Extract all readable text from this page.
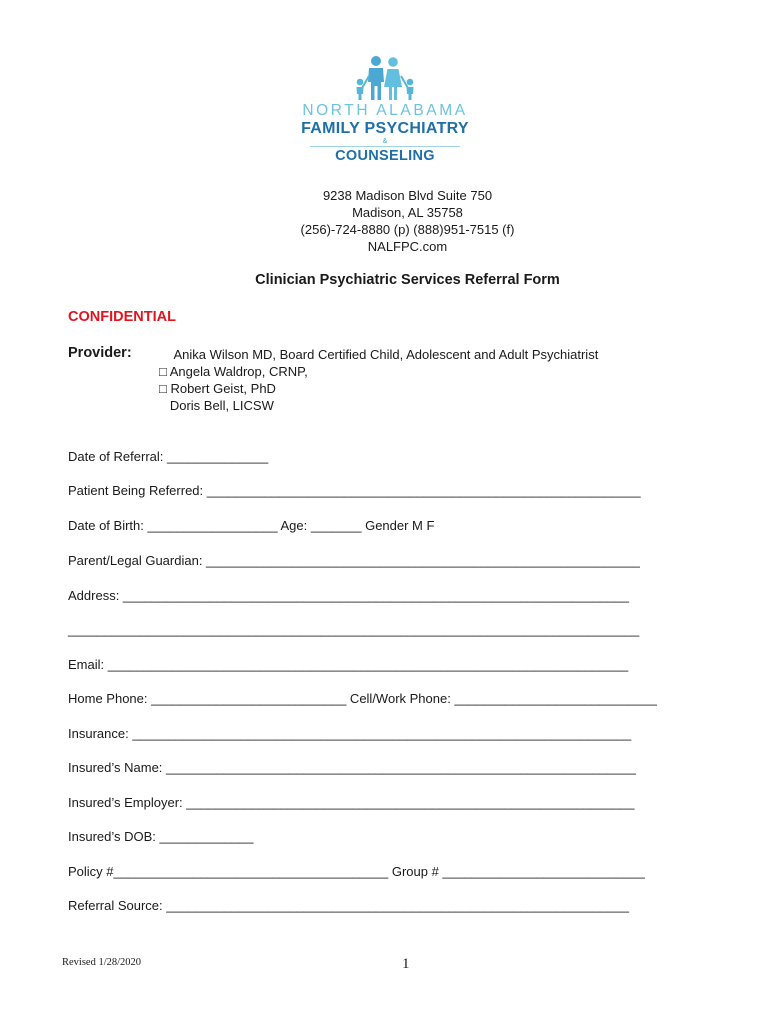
NORTH ALABAMA
FAMILY PSYCHIATRY
&
COUNSELING
9238 Madison Blvd Suite 750
Madison, AL 35758
(256)-724-8880 (p) (888)951-7515 (f)
NALFPC.com
Clinician Psychiatric Services Referral Form
CONFIDENTIAL
Provider: Anika Wilson MD, Board Certified Child, Adolescent and Adult Psychiatrist
□ Angela Waldrop, CRNP,
□ Robert Geist, PhD
Doris Bell, LICSW
Date of Referral: ______________
Patient Being Referred: ____________________________________________________________
Date of Birth: __________________ Age: _______ Gender M F
Parent/Legal Guardian: ____________________________________________________________
Address: ______________________________________________________________________
_______________________________________________________________________________
Email: ________________________________________________________________________
Home Phone: ___________________________ Cell/Work Phone: ____________________________
Insurance: _____________________________________________________________________
Insured’s Name: _________________________________________________________________
Insured’s Employer: ______________________________________________________________
Insured’s DOB: _____________
Policy #______________________________________ Group # ____________________________
Referral Source: ________________________________________________________________
Revised 1/28/2020	1
